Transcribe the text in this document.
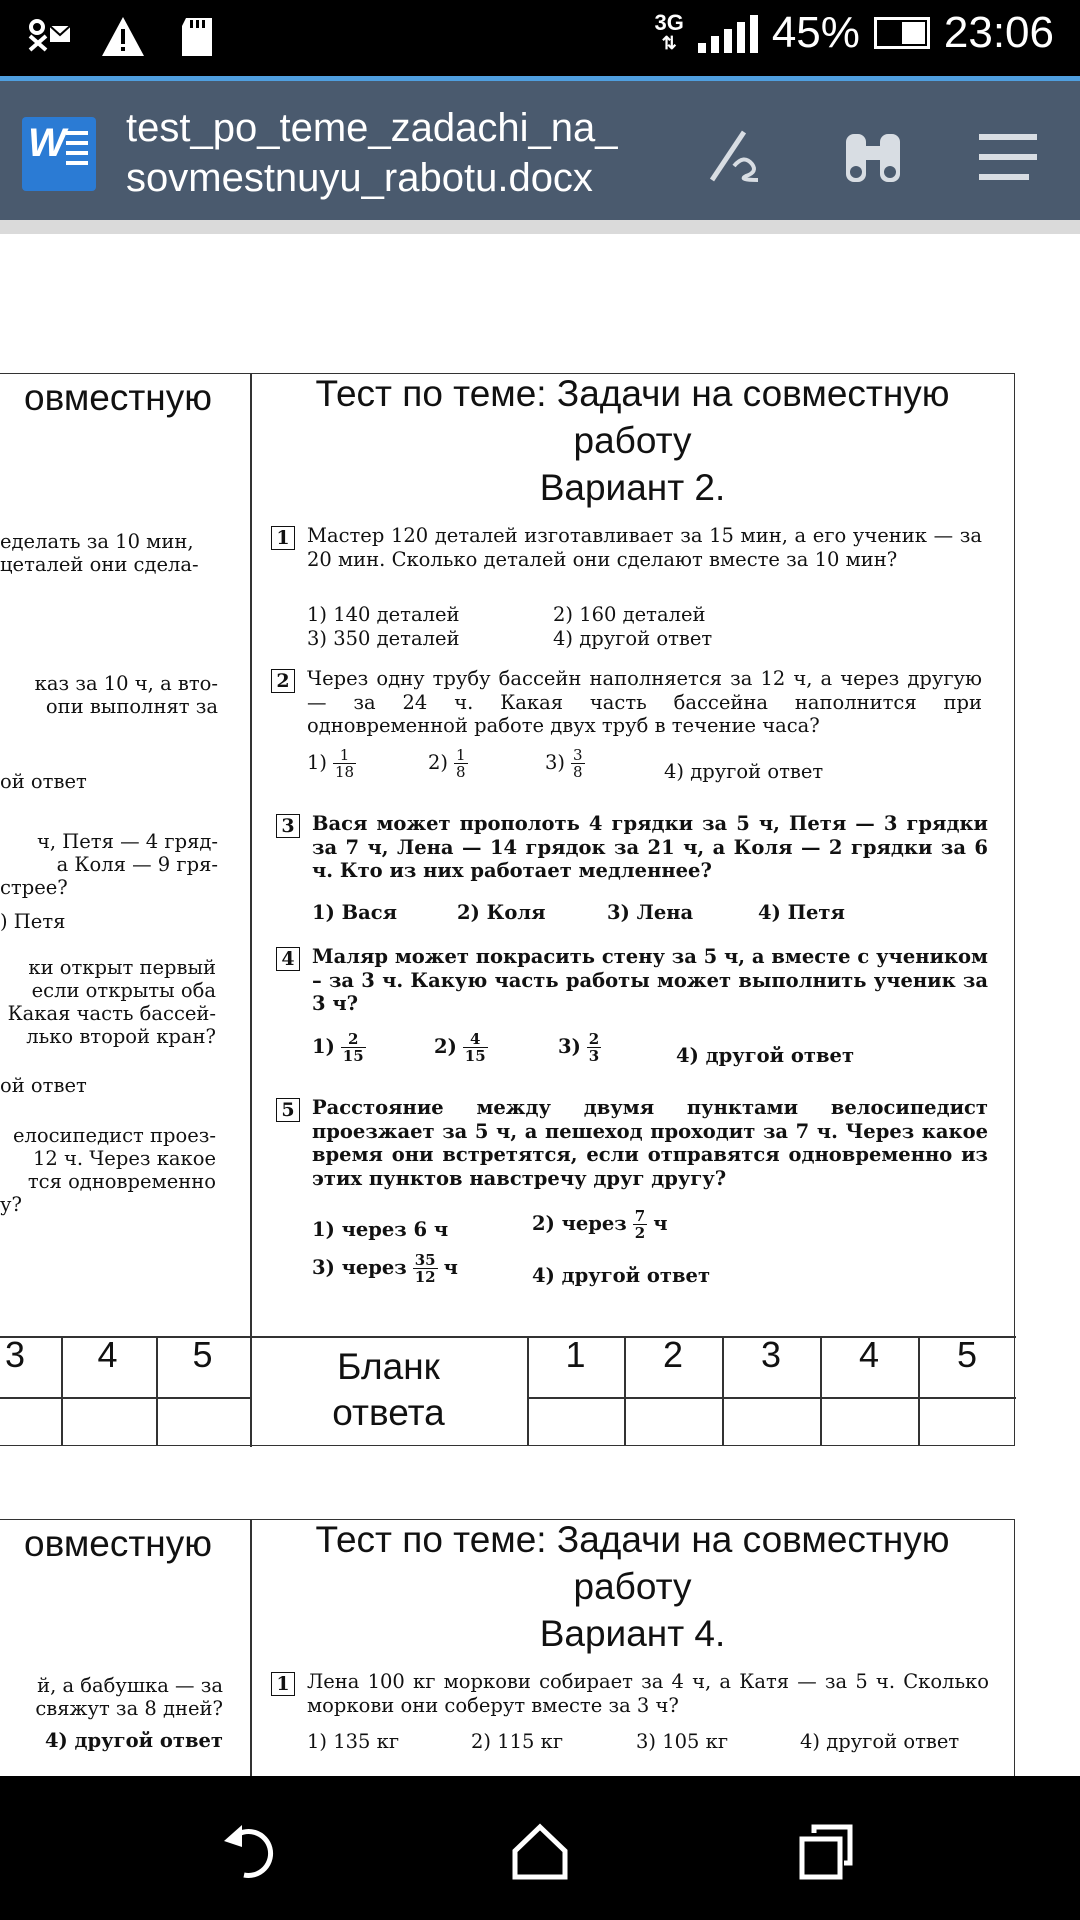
3G
⇅ 45% 23:06
W test_po_teme_zadachi_na_
sovmestnuyu_rabotu.docx
овместную
еделать за 10 мин,
цеталей они сдела-
каз за 10 ч, а вто-
опи выполнят за
ой ответ
ч, Петя — 4 гряд-
а Коля — 9 гря-
стрее?
) Петя
ки открыт первый
если открыты оба
Какая часть бассей-
лько второй кран?
ой ответ
елосипедист проез-
12 ч. Через какое
тся одновременно
у?
3	4	5
Тест по теме: Задачи на совместную
работу
Вариант 2.
1 Мастер 120 деталей изготавливает за 15 мин, а его ученик — за 20 мин. Сколько деталей они сделают вместе за 10 мин?
1) 140 деталей	2) 160 деталей
3) 350 деталей	4) другой ответ
2 Через одну трубу бассейн наполняется за 12 ч, а через другую — за 24 ч. Какая часть бассейна наполнится при одновременной работе двух труб в течение часа?
$1) \frac{1}{18}$	$2) \frac{1}{8}$	$3) \frac{3}{8}$	4) другой ответ
3 Вася может прополоть 4 грядки за 5 ч, Петя — 3 грядки за 7 ч, Лена — 14 грядок за 21 ч, а Коля — 2 грядки за 6 ч. Кто из них работает медленнее?
1) Вася	2) Коля	3) Лена	4) Петя
4 Маляр может покрасить стену за 5 ч, а вместе с учеником – за 3 ч. Какую часть работы может выполнить ученик за 3 ч?
$1) \frac{2}{15}$	$2) \frac{4}{15}$	$3) \frac{2}{3}$	4) другой ответ
5 Расстояние между двумя пунктами велосипедист проезжает за 5 ч, а пешеход проходит за 7 ч. Через какое время они встретятся, если отправятся одновременно из этих пунктов навстречу друг другу?
1) через 6 ч	2) через $\frac{7}{2}$ ч
3) через $\frac{35}{12}$ ч	4) другой ответ
Бланк
ответа
1	2	3	4	5
овместную
й, а бабушка — за
свяжут за 8 дней?
4) другой ответ
Тест по теме: Задачи на совместную
работу
Вариант 4.
1 Лена 100 кг моркови собирает за 4 ч, а Катя — за 5 ч. Сколько моркови они соберут вместе за 3 ч?
1) 135 кг	2) 115 кг	3) 105 кг	4) другой ответ
